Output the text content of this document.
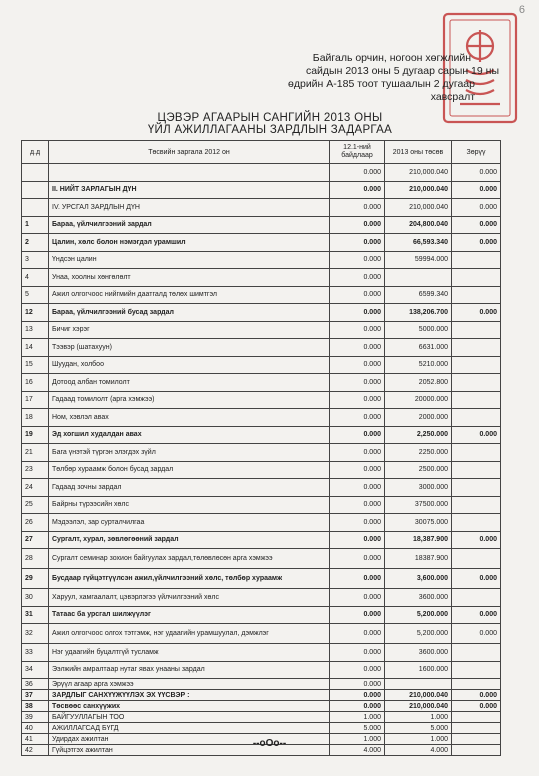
6
Байгаль орчин, ногоон хөгжлийн
сайдын 2013 оны 5 дугаар сарын 19 ны
өдрийн А-185 тоот тушаалын 2 дугаар хавсралт
ЦЭВЭР АГААРЫН САНГИЙН 2013 ОНЫ
ҮЙЛ АЖИЛЛАГААНЫ ЗАРДЛЫН ЗАДАРГАА
д.д	Төсвийн заргала 2012 он	12.1-ний байдлаар	2013 оны төсөв	Зөрүү
		0.000	210,000.040	0.000
	II. НИЙТ ЗАРЛАГЫН ДҮН	0.000	210,000.040	0.000
	IV. УРСГАЛ ЗАРДЛЫН ДҮН	0.000	210,000.040	0.000
1	Бараа, үйлчилгээний зардал	0.000	204,800.040	0.000
2	Цалин, хөлс болон нэмэгдэл урамшил	0.000	66,593.340	0.000
3	Үндсэн цалин	0.000	59994.000	
4	Унаа, хоолны хөнгөлөлт	0.000		
5	Ажил олгогчоос нийгмийн даатгалд төлөх шимтгэл	0.000	6599.340	
12	Бараа, үйлчилгээний бусад зардал	0.000	138,206.700	0.000
13	Бичиг хэрэг	0.000	5000.000	
14	Тээвэр (шатахуун)	0.000	6631.000	
15	Шуудан, холбоо	0.000	5210.000	
16	Дотоод албан томилолт	0.000	2052.800	
17	Гадаад томилолт (арга хэмжээ)	0.000	20000.000	
18	Ном, хэвлэл авах	0.000	2000.000	
19	Эд хогшил худалдан авах	0.000	2,250.000	0.000
21	Бага үнэтэй түргэн элэгдэх зүйл	0.000	2250.000	
23	Төлбөр хураамж болон бусад зардал	0.000	2500.000	
24	Гадаад зочны зардал	0.000	3000.000	
25	Байрны түрээсийн хөлс	0.000	37500.000	
26	Мэдээлэл, зар сурталчилгаа	0.000	30075.000	
27	Сургалт, хурал, зөвлөгөөний зардал	0.000	18,387.900	0.000
28	Сургалт семинар зохион байгуулах зардал,төлөвлөсөн арга хэмжээ	0.000	18387.900	
29	Бусдаар гүйцэтгүүлсэн ажил,үйлчилгээний хөлс, төлбөр хураамж	0.000	3,600.000	0.000
30	Харуул, хамгаалалт, цэвэрлэгээ үйлчилгээний хөлс	0.000	3600.000	
31	Татаас ба урсгал шилжүүлэг	0.000	5,200.000	0.000
32	Ажил олгогчоос олгох тэтгэмж, нэг удаагийн урамшуулал, дэмжлэг	0.000	5,200.000	0.000
33	Нэг удаагийн буцалтгүй тусламж	0.000	3600.000	
34	Ээлжийн амралтаар нутаг явах унааны зардал	0.000	1600.000	
36	Эрүүл агаар арга хэмжээ	0.000		
37	ЗАРДЛЫГ САНХҮҮЖҮҮЛЭХ ЭХ ҮҮСВЭР :	0.000	210,000.040	0.000
38	Төсвөөс санхүүжих	0.000	210,000.040	0.000
39	БАЙГУУЛЛАГЫН ТОО	1.000	1.000	
40	АЖИЛЛАГСАД БҮГД	5.000	5.000	
41	Удирдах ажилтан	1.000	1.000	
42	Гүйцэтгэх ажилтан	4.000	4.000	
--oOo--
